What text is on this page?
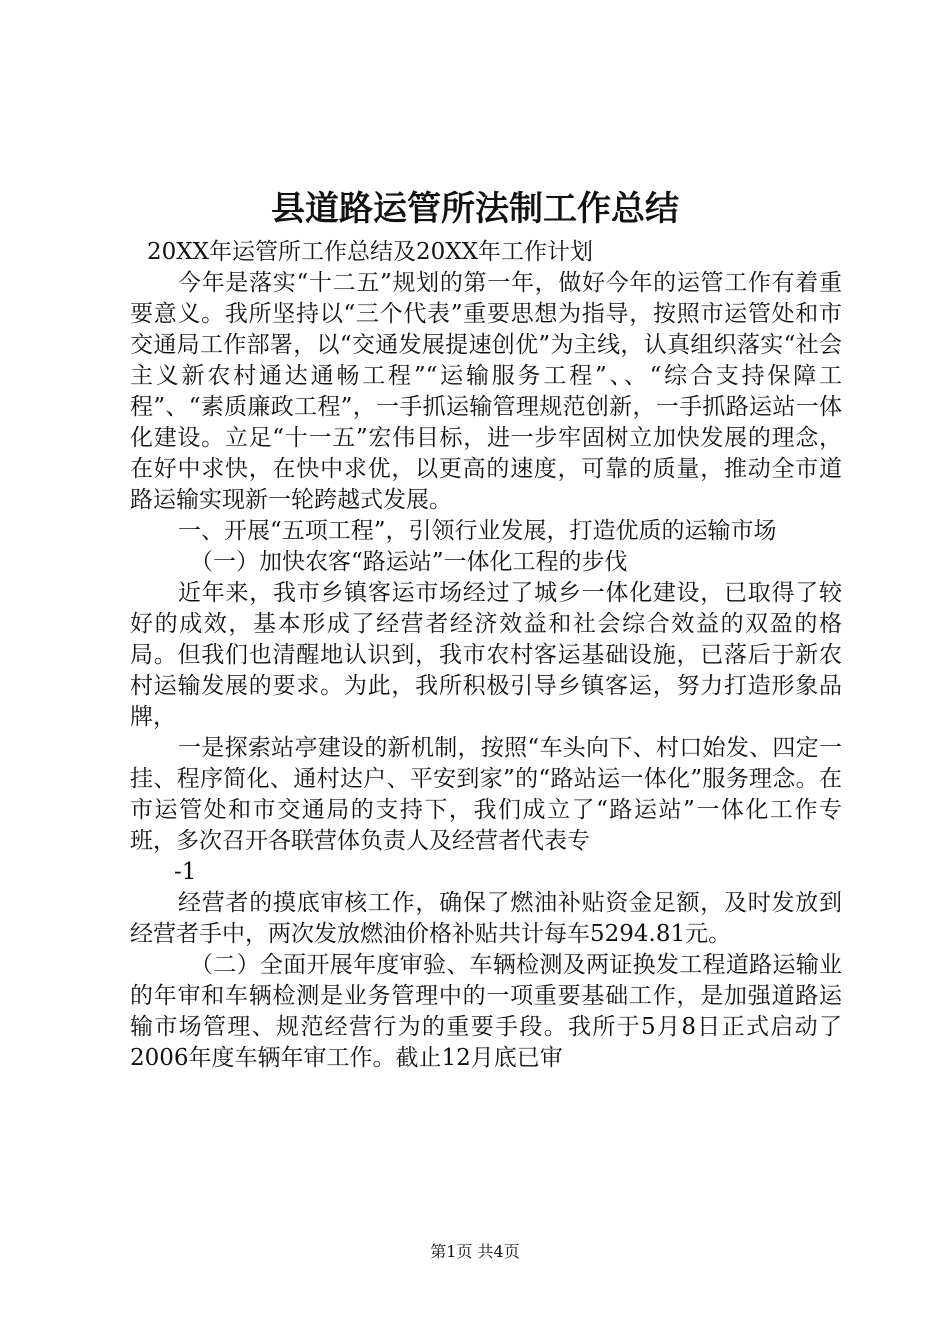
县道路运管所法制工作总结

20XX年运管所工作总结及20XX年工作计划

今年是落实“十二五”规划的第一年，做好今年的运管工作有着重要意义。我所坚持以“三个代表”重要思想为指导，按照市运管处和市交通局工作部署，以“交通发展提速创优”为主线，认真组织落实“社会主义新农村通达通畅工程”“运输服务工程”、、“综合支持保障工程”、“素质廉政工程”，一手抓运输管理规范创新，一手抓路运站一体化建设。立足“十一五”宏伟目标，进一步牢固树立加快发展的理念，在好中求快，在快中求优，以更高的速度，可靠的质量，推动全市道路运输实现新一轮跨越式发展。

一、开展“五项工程”，引领行业发展，打造优质的运输市场

（一）加快农客“路运站”一体化工程的步伐

近年来，我市乡镇客运市场经过了城乡一体化建设，已取得了较好的成效，基本形成了经营者经济效益和社会综合效益的双盈的格局。但我们也清醒地认识到，我市农村客运基础设施，已落后于新农村运输发展的要求。为此，我所积极引导乡镇客运，努力打造形象品牌，

一是探索站亭建设的新机制，按照“车头向下、村口始发、四定一挂、程序简化、通村达户、平安到家”的“路站运一体化”服务理念。在市运管处和市交通局的支持下，我们成立了“路运站”一体化工作专班，多次召开各联营体负责人及经营者代表专

-1

经营者的摸底审核工作，确保了燃油补贴资金足额，及时发放到经营者手中，两次发放燃油价格补贴共计每车5294.81元。

（二）全面开展年度审验、车辆检测及两证换发工程道路运输业的年审和车辆检测是业务管理中的一项重要基础工作，是加强道路运输市场管理、规范经营行为的重要手段。我所于5月8日正式启动了2006年度车辆年审工作。截止12月底已审

第1页 共4页
